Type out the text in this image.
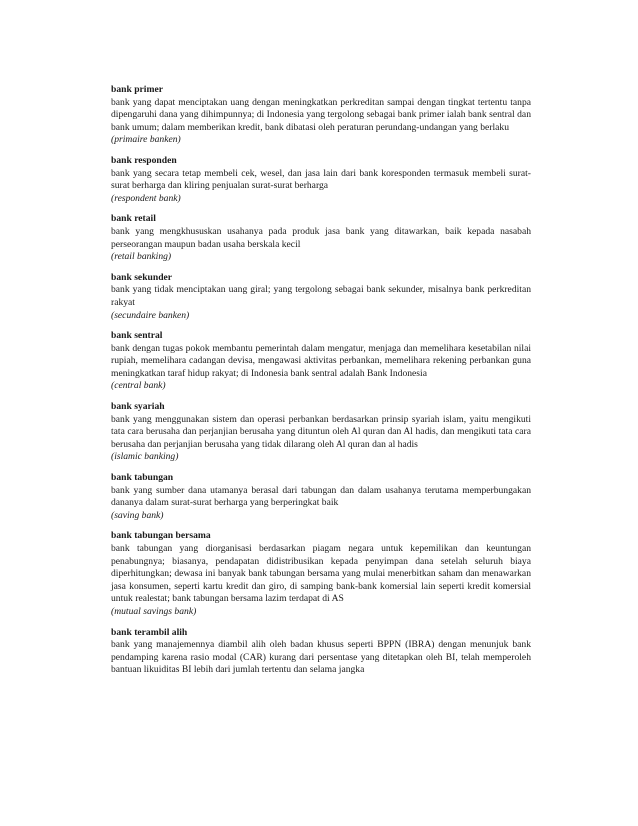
bank primer

bank yang dapat menciptakan uang dengan meningkatkan perkreditan sampai dengan tingkat tertentu tanpa dipengaruhi dana yang dihimpunnya; di Indonesia yang tergolong sebagai bank primer ialah bank sentral dan bank umum; dalam memberikan kredit, bank dibatasi oleh peraturan perundang-undangan yang berlaku

(primaire banken)

bank responden

bank yang secara tetap membeli cek, wesel, dan jasa lain dari bank koresponden termasuk membeli surat-surat berharga dan kliring penjualan surat-surat berharga

(respondent bank)

bank retail

bank yang mengkhususkan usahanya pada produk jasa bank yang ditawarkan, baik kepada nasabah perseorangan maupun badan usaha berskala kecil

(retail banking)

bank sekunder

bank yang tidak menciptakan uang giral; yang tergolong sebagai bank sekunder, misalnya bank perkreditan rakyat

(secundaire banken)

bank sentral

bank dengan tugas pokok membantu pemerintah dalam mengatur, menjaga dan memelihara kesetabilan nilai rupiah, memelihara cadangan devisa, mengawasi aktivitas perbankan, memelihara rekening perbankan guna meningkatkan taraf hidup rakyat; di Indonesia bank sentral adalah Bank Indonesia

(central bank)

bank syariah

bank yang menggunakan sistem dan operasi perbankan berdasarkan prinsip syariah islam, yaitu mengikuti tata cara berusaha dan perjanjian berusaha yang dituntun oleh Al quran dan Al hadis, dan mengikuti tata cara berusaha dan perjanjian berusaha yang tidak dilarang oleh Al quran dan al hadis

(islamic banking)

bank tabungan

bank yang sumber dana utamanya berasal dari tabungan dan dalam usahanya terutama memperbungakan dananya dalam surat-surat berharga yang berperingkat baik

(saving bank)

bank tabungan bersama

bank tabungan yang diorganisasi berdasarkan piagam negara untuk kepemilikan dan keuntungan penabungnya; biasanya, pendapatan didistribusikan kepada penyimpan dana setelah seluruh biaya diperhitungkan; dewasa ini banyak bank tabungan bersama yang mulai menerbitkan saham dan menawarkan jasa konsumen, seperti kartu kredit dan giro, di samping bank-bank komersial lain seperti kredit komersial untuk realestat; bank tabungan bersama lazim terdapat di AS

(mutual savings bank)

bank terambil alih

bank yang manajemennya diambil alih oleh badan khusus seperti BPPN (IBRA) dengan menunjuk bank pendamping karena rasio modal (CAR) kurang dari persentase yang ditetapkan oleh BI, telah memperoleh bantuan likuiditas BI lebih dari jumlah tertentu dan selama jangka
